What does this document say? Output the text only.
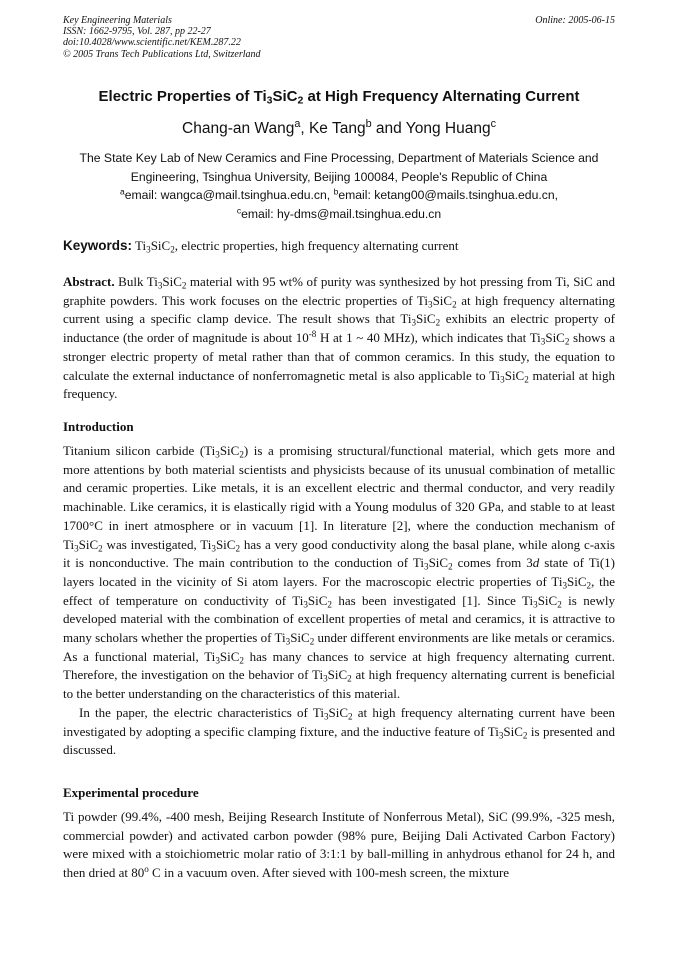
Key Engineering Materials
ISSN: 1662-9795, Vol. 287, pp 22-27
doi:10.4028/www.scientific.net/KEM.287.22
© 2005 Trans Tech Publications Ltd, Switzerland
Online: 2005-06-15
Electric Properties of $Ti_3SiC_2$ at High Frequency Alternating Current
Chang-an Wang$^a$, Ke Tang$^b$ and Yong Huang$^c$
The State Key Lab of New Ceramics and Fine Processing, Department of Materials Science and
Engineering, Tsinghua University, Beijing 100084, People's Republic of China
$^a$email: wangca@mail.tsinghua.edu.cn, $^b$email: ketang00@mails.tsinghua.edu.cn,
$^c$email: hy-dms@mail.tsinghua.edu.cn
Keywords: $Ti_3SiC_2$, electric properties, high frequency alternating current

Abstract. Bulk $Ti_3SiC_2$ material with 95 wt% of purity was synthesized by hot pressing from Ti, SiC and graphite powders. This work focuses on the electric properties of $Ti_3SiC_2$ at high frequency alternating current using a specific clamp device. The result shows that $Ti_3SiC_2$ exhibits an electric property of inductance (the order of magnitude is about $10^{-8}$ H at 1 ~ 40 MHz), which indicates that $Ti_3SiC_2$ shows a stronger electric property of metal rather than that of common ceramics. In this study, the equation to calculate the external inductance of nonferromagnetic metal is also applicable to $Ti_3SiC_2$ material at high frequency.

Introduction

Titanium silicon carbide $(Ti_3SiC_2)$ is a promising structural/functional material, which gets more and more attentions by both material scientists and physicists because of its unusual combination of metallic and ceramic properties. Like metals, it is an excellent electric and thermal conductor, and very readily machinable. Like ceramics, it is elastically rigid with a Young modulus of 320 GPa, and stable to at least 1700°C in inert atmosphere or in vacuum [1]. In literature [2], where the conduction mechanism of $Ti_3SiC_2$ was investigated, $Ti_3SiC_2$ has a very good conductivity along the basal plane, while along c-axis it is nonconductive. The main contribution to the conduction of $Ti_3SiC_2$ comes from 3d state of Ti(1) layers located in the vicinity of Si atom layers. For the macroscopic electric properties of $Ti_3SiC_2$, the effect of temperature on conductivity of $Ti_3SiC_2$ has been investigated [1]. Since $Ti_3SiC_2$ is newly developed material with the combination of excellent properties of metal and ceramics, it is attractive to many scholars whether the properties of $Ti_3SiC_2$ under different environments are like metals or ceramics. As a functional material, $Ti_3SiC_2$ has many chances to service at high frequency alternating current. Therefore, the investigation on the behavior of $Ti_3SiC_2$ at high frequency alternating current is beneficial to the better understanding on the characteristics of this material.

In the paper, the electric characteristics of $Ti_3SiC_2$ at high frequency alternating current have been investigated by adopting a specific clamping fixture, and the inductive feature of $Ti_3SiC_2$ is presented and discussed.

Experimental procedure

Ti powder (99.4%, -400 mesh, Beijing Research Institute of Nonferrous Metal), SiC (99.9%, -325 mesh, commercial powder) and activated carbon powder (98% pure, Beijing Dali Activated Carbon Factory) were mixed with a stoichiometric molar ratio of 3:1:1 by ball-milling in anhydrous ethanol for 24 h, and then dried at 80$^o$ C in a vacuum oven. After sieved with 100-mesh screen, the mixture
